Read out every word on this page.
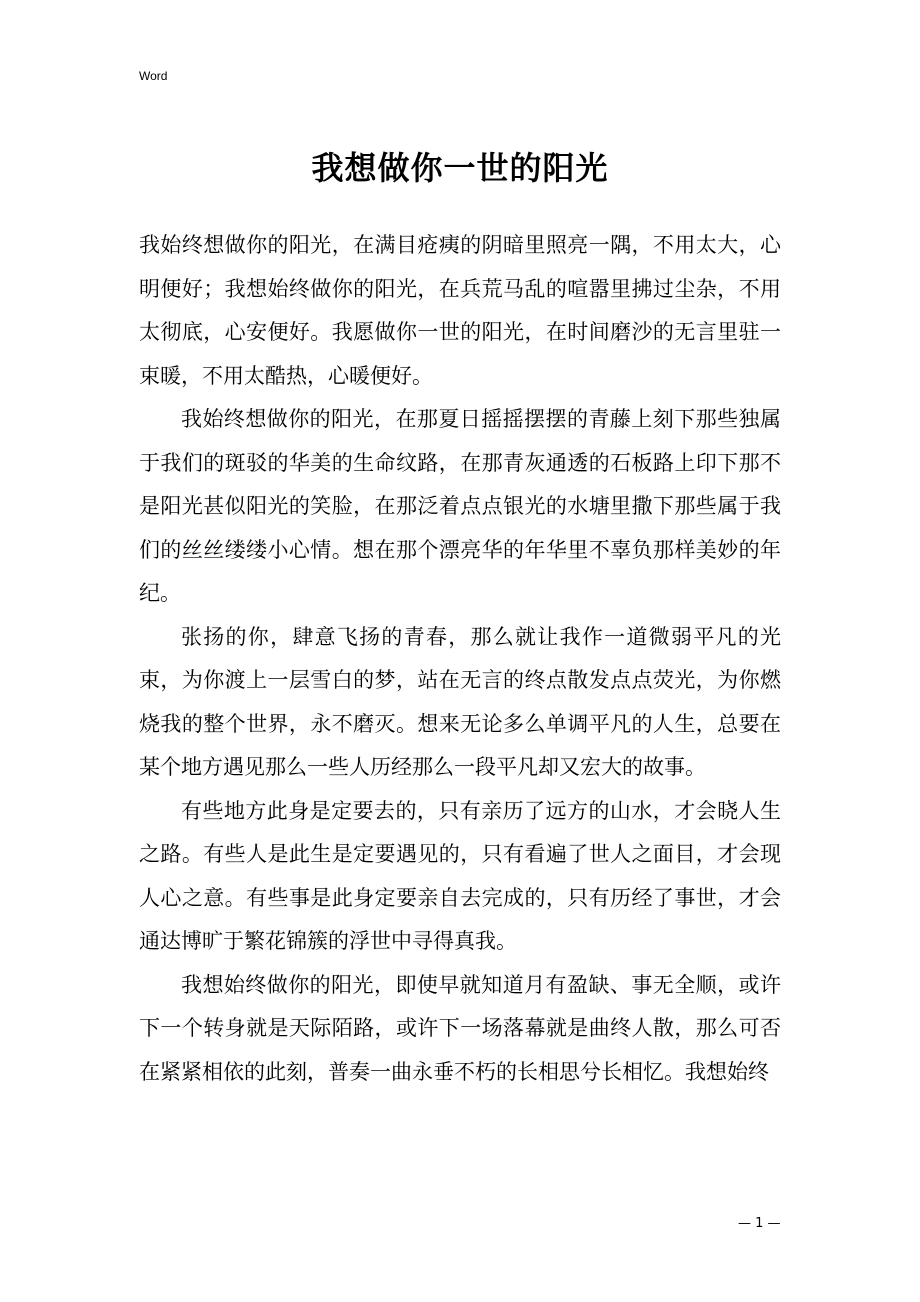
Word
我想做你一世的阳光

我始终想做你的阳光，在满目疮痍的阴暗里照亮一隅，不用太大，心明便好；我想始终做你的阳光，在兵荒马乱的喧嚣里拂过尘杂，不用太彻底，心安便好。我愿做你一世的阳光，在时间磨沙的无言里驻一束暖，不用太酷热，心暖便好。

我始终想做你的阳光，在那夏日摇摇摆摆的青藤上刻下那些独属于我们的斑驳的华美的生命纹路，在那青灰通透的石板路上印下那不是阳光甚似阳光的笑脸，在那泛着点点银光的水塘里撒下那些属于我们的丝丝缕缕小心情。想在那个漂亮华的年华里不辜负那样美妙的年纪。

张扬的你，肆意飞扬的青春，那么就让我作一道微弱平凡的光束，为你渡上一层雪白的梦，站在无言的终点散发点点荧光，为你燃烧我的整个世界，永不磨灭。想来无论多么单调平凡的人生，总要在某个地方遇见那么一些人历经那么一段平凡却又宏大的故事。

有些地方此身是定要去的，只有亲历了远方的山水，才会晓人生之路。有些人是此生是定要遇见的，只有看遍了世人之面目，才会现人心之意。有些事是此身定要亲自去完成的，只有历经了事世，才会通达博旷于繁花锦簇的浮世中寻得真我。

我想始终做你的阳光，即使早就知道月有盈缺、事无全顺，或许下一个转身就是天际陌路，或许下一场落幕就是曲终人散，那么可否在紧紧相依的此刻，普奏一曲永垂不朽的长相思兮长相忆。我想始终

— 1 —
